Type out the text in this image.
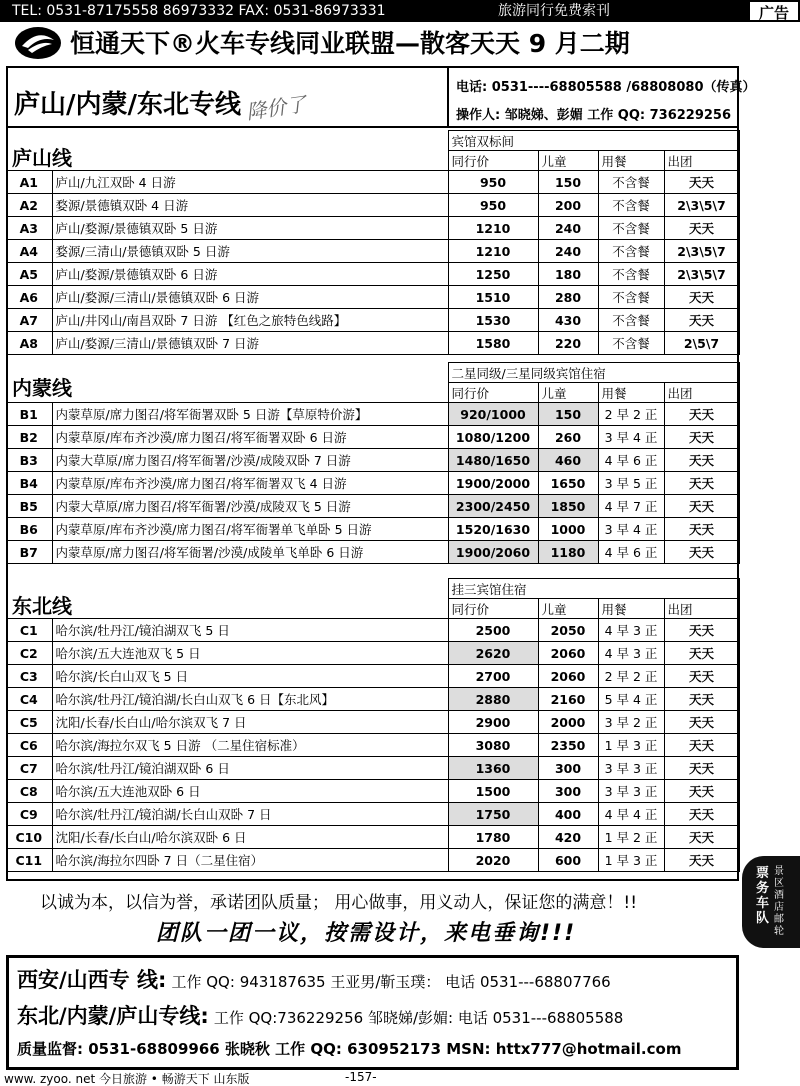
TEL: 0531-87175558 86973332 FAX: 0531-86973331	旅游同行免费索刊	广告
恒通天下®火车专线同业联盟—散客天天 9 月二期
庐山/内蒙/东北专线 降价了
电话: 0531----68805588 /68808080（传真）
操作人: 邹晓娣、彭媚 工作 QQ: 736229256
庐山线
		宾馆双标间			
		同行价	儿童	用餐	出团
A1	庐山/九江双卧 4 日游	950	150	不含餐	天天
A2	婺源/景德镇双卧 4 日游	950	200	不含餐	2\3\5\7
A3	庐山/婺源/景德镇双卧 5 日游	1210	240	不含餐	天天
A4	婺源/三清山/景德镇双卧 5 日游	1210	240	不含餐	2\3\5\7
A5	庐山/婺源/景德镇双卧 6 日游	1250	180	不含餐	2\3\5\7
A6	庐山/婺源/三清山/景德镇双卧 6 日游	1510	280	不含餐	天天
A7	庐山/井冈山/南昌双卧 7 日游 【红色之旅特色线路】	1530	430	不含餐	天天
A8	庐山/婺源/三清山/景德镇双卧 7 日游	1580	220	不含餐	2\5\7
内蒙线
		二星同级/三星同级宾馆住宿			
		同行价	儿童	用餐	出团
B1	内蒙草原/席力图召/将军衙署双卧 5 日游【草原特价游】	920/1000	150	2 早 2 正	天天
B2	内蒙草原/库布齐沙漠/席力图召/将军衙署双卧 6 日游	1080/1200	260	3 早 4 正	天天
B3	内蒙大草原/席力图召/将军衙署/沙漠/成陵双卧 7 日游	1480/1650	460	4 早 6 正	天天
B4	内蒙草原/库布齐沙漠/席力图召/将军衙署双飞 4 日游	1900/2000	1650	3 早 5 正	天天
B5	内蒙大草原/席力图召/将军衙署/沙漠/成陵双飞 5 日游	2300/2450	1850	4 早 7 正	天天
B6	内蒙草原/库布齐沙漠/席力图召/将军衙署单飞单卧 5 日游	1520/1630	1000	3 早 4 正	天天
B7	内蒙草原/席力图召/将军衙署/沙漠/成陵单飞单卧 6 日游	1900/2060	1180	4 早 6 正	天天
东北线
		挂三宾馆住宿			
		同行价	儿童	用餐	出团
C1	哈尔滨/牡丹江/镜泊湖双飞 5 日	2500	2050	4 早 3 正	天天
C2	哈尔滨/五大连池双飞 5 日	2620	2060	4 早 3 正	天天
C3	哈尔滨/长白山双飞 5 日	2700	2060	2 早 2 正	天天
C4	哈尔滨/牡丹江/镜泊湖/长白山双飞 6 日【东北风】	2880	2160	5 早 4 正	天天
C5	沈阳/长春/长白山/哈尔滨双飞 7 日	2900	2000	3 早 2 正	天天
C6	哈尔滨/海拉尔双飞 5 日游 （二星住宿标准）	3080	2350	1 早 3 正	天天
C7	哈尔滨/牡丹江/镜泊湖双卧 6 日	1360	300	3 早 3 正	天天
C8	哈尔滨/五大连池双卧 6 日	1500	300	3 早 3 正	天天
C9	哈尔滨/牡丹江/镜泊湖/长白山双卧 7 日	1750	400	4 早 4 正	天天
C10	沈阳/长春/长白山/哈尔滨双卧 6 日	1780	420	1 早 2 正	天天
C11	哈尔滨/海拉尔四卧 7 日（二星住宿）	2020	600	1 早 3 正	天天
以诚为本，以信为誉，承诺团队质量； 用心做事，用义动人，保证您的满意！!!
团队一团一议，按需设计，来电垂询!!!
西安/山西专 线: 工作 QQ: 943187635 王亚男/靳玉璞： 电话 0531---68807766
东北/内蒙/庐山专线: 工作 QQ:736229256 邹晓娣/彭媚: 电话 0531---68805588
质量监督: 0531-68809966 张晓秋 工作 QQ: 630952173 MSN: httx777@hotmail.com
票务车队
景区酒店邮轮
www. zyoo. net 今日旅游 • 畅游天下 山东版	-157-
